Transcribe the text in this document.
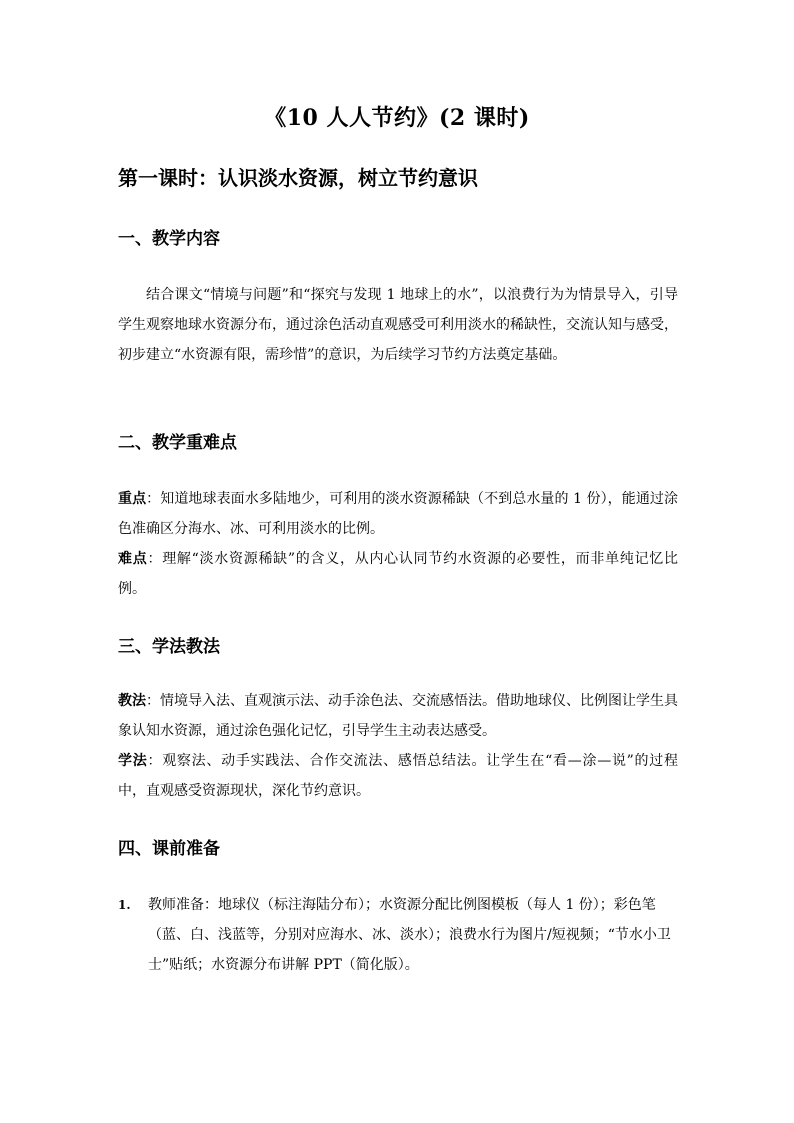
《10 人人节约》(2 课时)
第一课时：认识淡水资源，树立节约意识
一、教学内容

结合课文“情境与问题”和“探究与发现 1 地球上的水”，以浪费行为为情景导入，引导学生观察地球水资源分布，通过涂色活动直观感受可利用淡水的稀缺性，交流认知与感受，初步建立“水资源有限，需珍惜”的意识，为后续学习节约方法奠定基础。

二、教学重难点

重点：知道地球表面水多陆地少，可利用的淡水资源稀缺（不到总水量的 1 份），能通过涂色准确区分海水、冰、可利用淡水的比例。

难点：理解“淡水资源稀缺”的含义，从内心认同节约水资源的必要性，而非单纯记忆比例。

三、学法教法

教法：情境导入法、直观演示法、动手涂色法、交流感悟法。借助地球仪、比例图让学生具象认知水资源，通过涂色强化记忆，引导学生主动表达感受。

学法：观察法、动手实践法、合作交流法、感悟总结法。让学生在“看—涂—说”的过程中，直观感受资源现状，深化节约意识。

四、课前准备
1.	教师准备：地球仪（标注海陆分布）；水资源分配比例图模板（每人 1 份）；彩色笔（蓝、白、浅蓝等，分别对应海水、冰、淡水）；浪费水行为图片/短视频；“节水小卫士”贴纸；水资源分布讲解 PPT（简化版）。
